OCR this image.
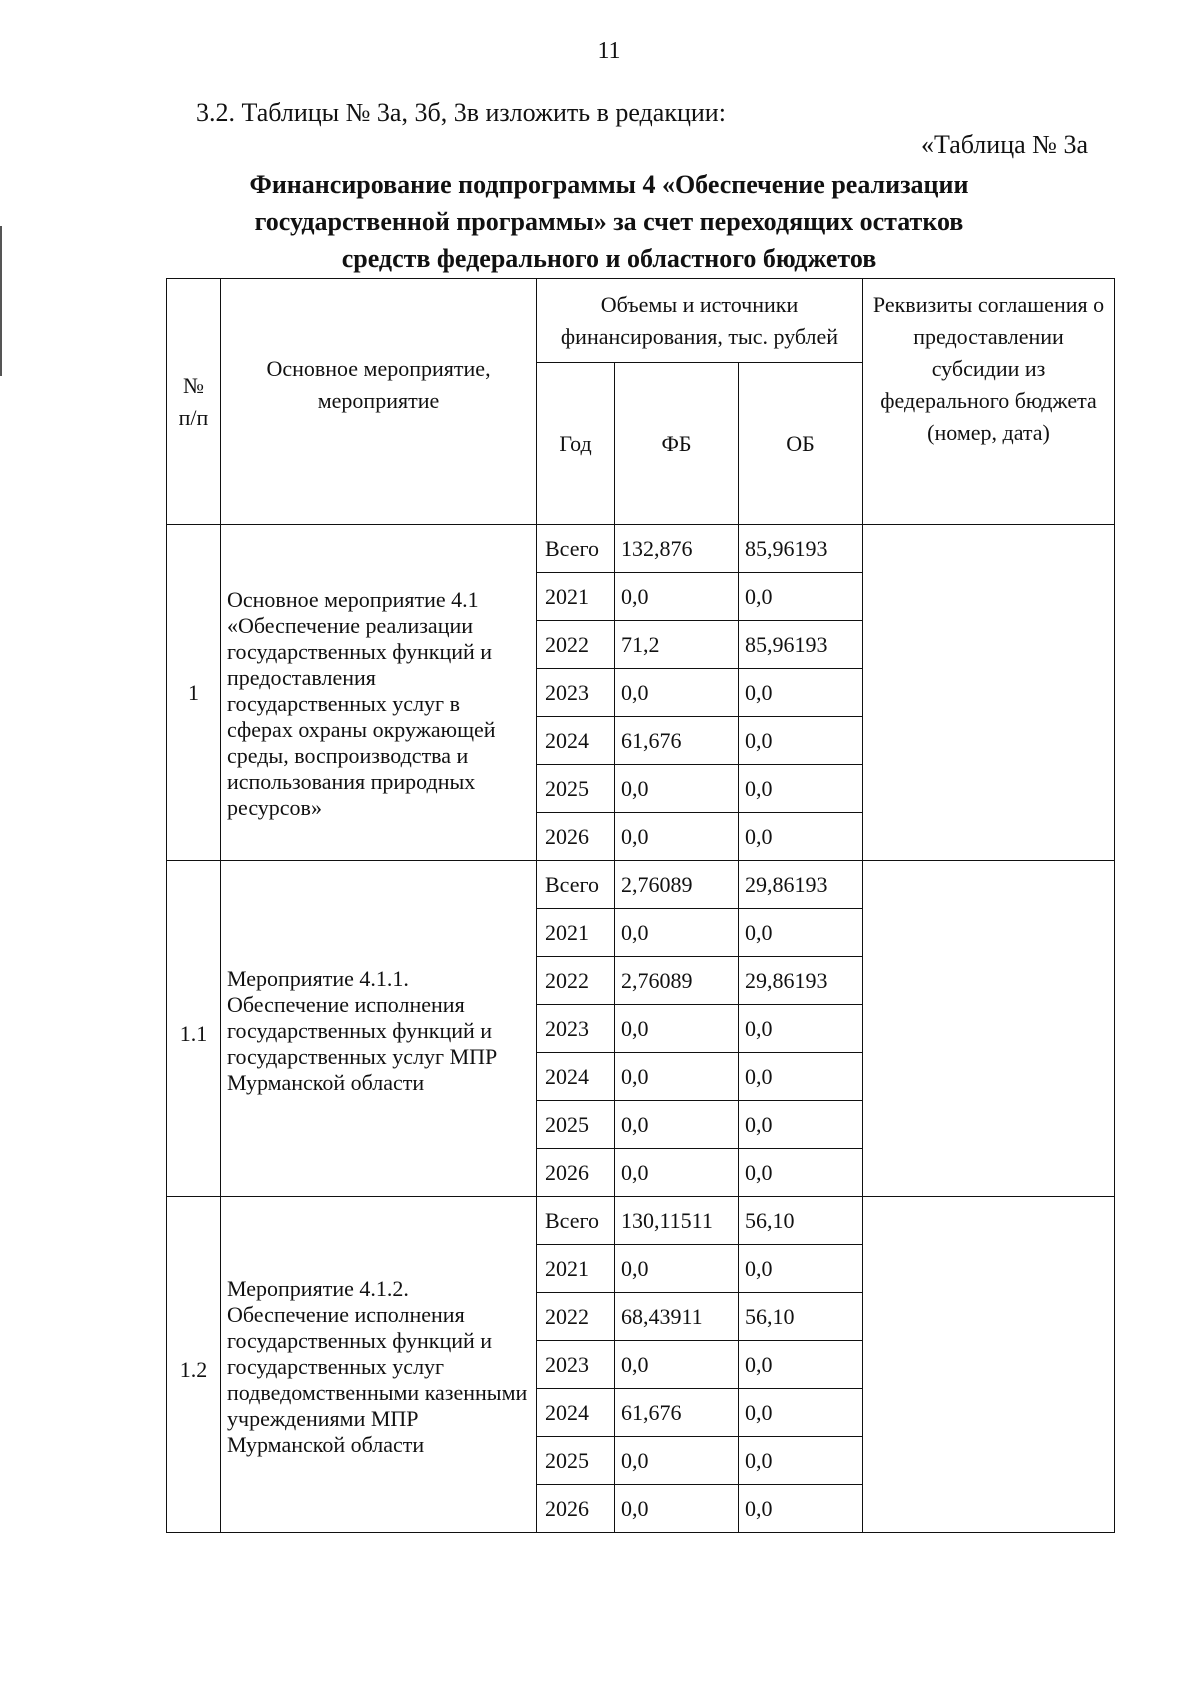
11
3.2. Таблицы № 3а, 3б, 3в изложить в редакции:
«Таблица № 3а
Финансирование подпрограммы 4 «Обеспечение реализации
государственной программы» за счет переходящих остатков
средств федерального и областного бюджетов
№ п/п	Основное мероприятие, мероприятие	Объемы и источники финансирования, тыс. рублей			Реквизиты соглашения о предоставлении субсидии из федерального бюджета (номер, дата)
		Год	ФБ	ОБ	
1	Основное мероприятие 4.1 «Обеспечение реализации государственных функций и предоставления государственных услуг в сферах охраны окружающей среды, воспроизводства и использования природных ресурсов»	Всего	132,876	85,96193	
		2021	0,0	0,0	
		2022	71,2	85,96193	
		2023	0,0	0,0	
		2024	61,676	0,0	
		2025	0,0	0,0	
		2026	0,0	0,0	
1.1	Мероприятие 4.1.1. Обеспечение исполнения государственных функций и государственных услуг МПР Мурманской области	Всего	2,76089	29,86193	
		2021	0,0	0,0	
		2022	2,76089	29,86193	
		2023	0,0	0,0	
		2024	0,0	0,0	
		2025	0,0	0,0	
		2026	0,0	0,0	
1.2	Мероприятие 4.1.2. Обеспечение исполнения государственных функций и государственных услуг подведомственными казенными учреждениями МПР Мурманской области	Всего	130,11511	56,10	
		2021	0,0	0,0	
		2022	68,43911	56,10	
		2023	0,0	0,0	
		2024	61,676	0,0	
		2025	0,0	0,0	
		2026	0,0	0,0	
